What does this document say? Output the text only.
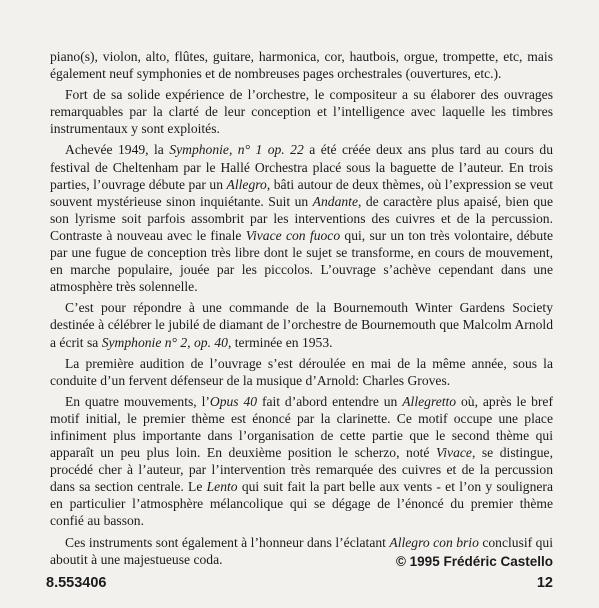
piano(s), violon, alto, flûtes, guitare, harmonica, cor, hautbois, orgue, trompette, etc, mais également neuf symphonies et de nombreuses pages orchestrales (ouvertures, etc.).

Fort de sa solide expérience de l’orchestre, le compositeur a su élaborer des ouvrages remarquables par la clarté de leur conception et l’intelligence avec laquelle les timbres instrumentaux y sont exploités.

Achevée 1949, la Symphonie, n° 1 op. 22 a été créée deux ans plus tard au cours du festival de Cheltenham par le Hallé Orchestra placé sous la baguette de l’auteur. En trois parties, l’ouvrage débute par un Allegro, bâti autour de deux thèmes, où l’expression se veut souvent mystérieuse sinon inquiétante. Suit un Andante, de caractère plus apaisé, bien que son lyrisme soit parfois assombrit par les interventions des cuivres et de la percussion. Contraste à nouveau avec le finale Vivace con fuoco qui, sur un ton très volontaire, débute par une fugue de conception très libre dont le sujet se transforme, en cours de mouvement, en marche populaire, jouée par les piccolos. L’ouvrage s’achève cependant dans une atmosphère très solennelle.

C’est pour répondre à une commande de la Bournemouth Winter Gardens Society destinée à célébrer le jubilé de diamant de l’orchestre de Bournemouth que Malcolm Arnold a écrit sa Symphonie n° 2, op. 40, terminée en 1953.

La première audition de l’ouvrage s’est déroulée en mai de la même année, sous la conduite d’un fervent défenseur de la musique d’Arnold: Charles Groves.

En quatre mouvements, l’Opus 40 fait d’abord entendre un Allegretto où, après le bref motif initial, le premier thème est énoncé par la clarinette. Ce motif occupe une place infiniment plus importante dans l’organisation de cette partie que le second thème qui apparaît un peu plus loin. En deuxième position le scherzo, noté Vivace, se distingue, procédé cher à l’auteur, par l’intervention très remarquée des cuivres et de la percussion dans sa section centrale. Le Lento qui suit fait la part belle aux vents - et l’on y soulignera en particulier l’atmosphère mélancolique qui se dégage de l’énoncé du premier thème confié au basson.

Ces instruments sont également à l’honneur dans l’éclatant Allegro con brio conclusif qui aboutit à une majestueuse coda.	© 1995 Frédéric Castello
8.553406	12
